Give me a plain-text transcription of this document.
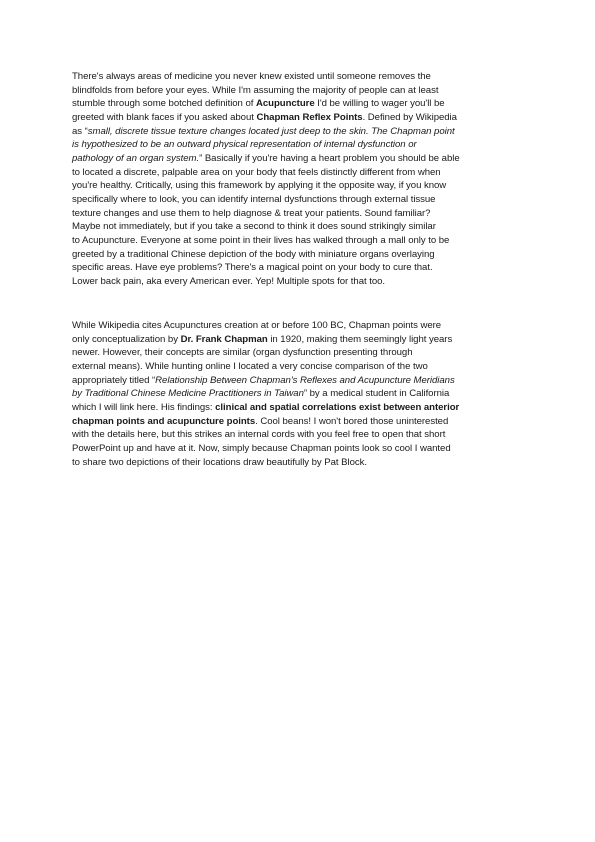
There's always areas of medicine you never knew existed until someone removes the
blindfolds from before your eyes. While I'm assuming the majority of people can at least
stumble through some botched definition of Acupuncture I'd be willing to wager you'll be
greeted with blank faces if you asked about Chapman Reflex Points. Defined by Wikipedia
as “small, discrete tissue texture changes located just deep to the skin. The Chapman point
is hypothesized to be an outward physical representation of internal dysfunction or
pathology of an organ system.” Basically if you're having a heart problem you should be able
to located a discrete, palpable area on your body that feels distinctly different from when
you're healthy. Critically, using this framework by applying it the opposite way, if you know
specifically where to look, you can identify internal dysfunctions through external tissue
texture changes and use them to help diagnose & treat your patients. Sound familiar?
Maybe not immediately, but if you take a second to think it does sound strikingly similar
to Acupuncture. Everyone at some point in their lives has walked through a mall only to be
greeted by a traditional Chinese depiction of the body with miniature organs overlaying
specific areas. Have eye problems? There's a magical point on your body to cure that.
Lower back pain, aka every American ever. Yep! Multiple spots for that too.
While Wikipedia cites Acupunctures creation at or before 100 BC, Chapman points were
only conceptualization by Dr. Frank Chapman in 1920, making them seemingly light years
newer. However, their concepts are similar (organ dysfunction presenting through
external means). While hunting online I located a very concise comparison of the two
appropriately titled “Relationship Between Chapman's Reflexes and Acupuncture Meridians
by Traditional Chinese Medicine Practitioners in Taiwan” by a medical student in California
which I will link here. His findings: clinical and spatial correlations exist between anterior
chapman points and acupuncture points. Cool beans! I won't bored those uninterested
with the details here, but this strikes an internal cords with you feel free to open that short
PowerPoint up and have at it. Now, simply because Chapman points look so cool I wanted
to share two depictions of their locations draw beautifully by Pat Block.
